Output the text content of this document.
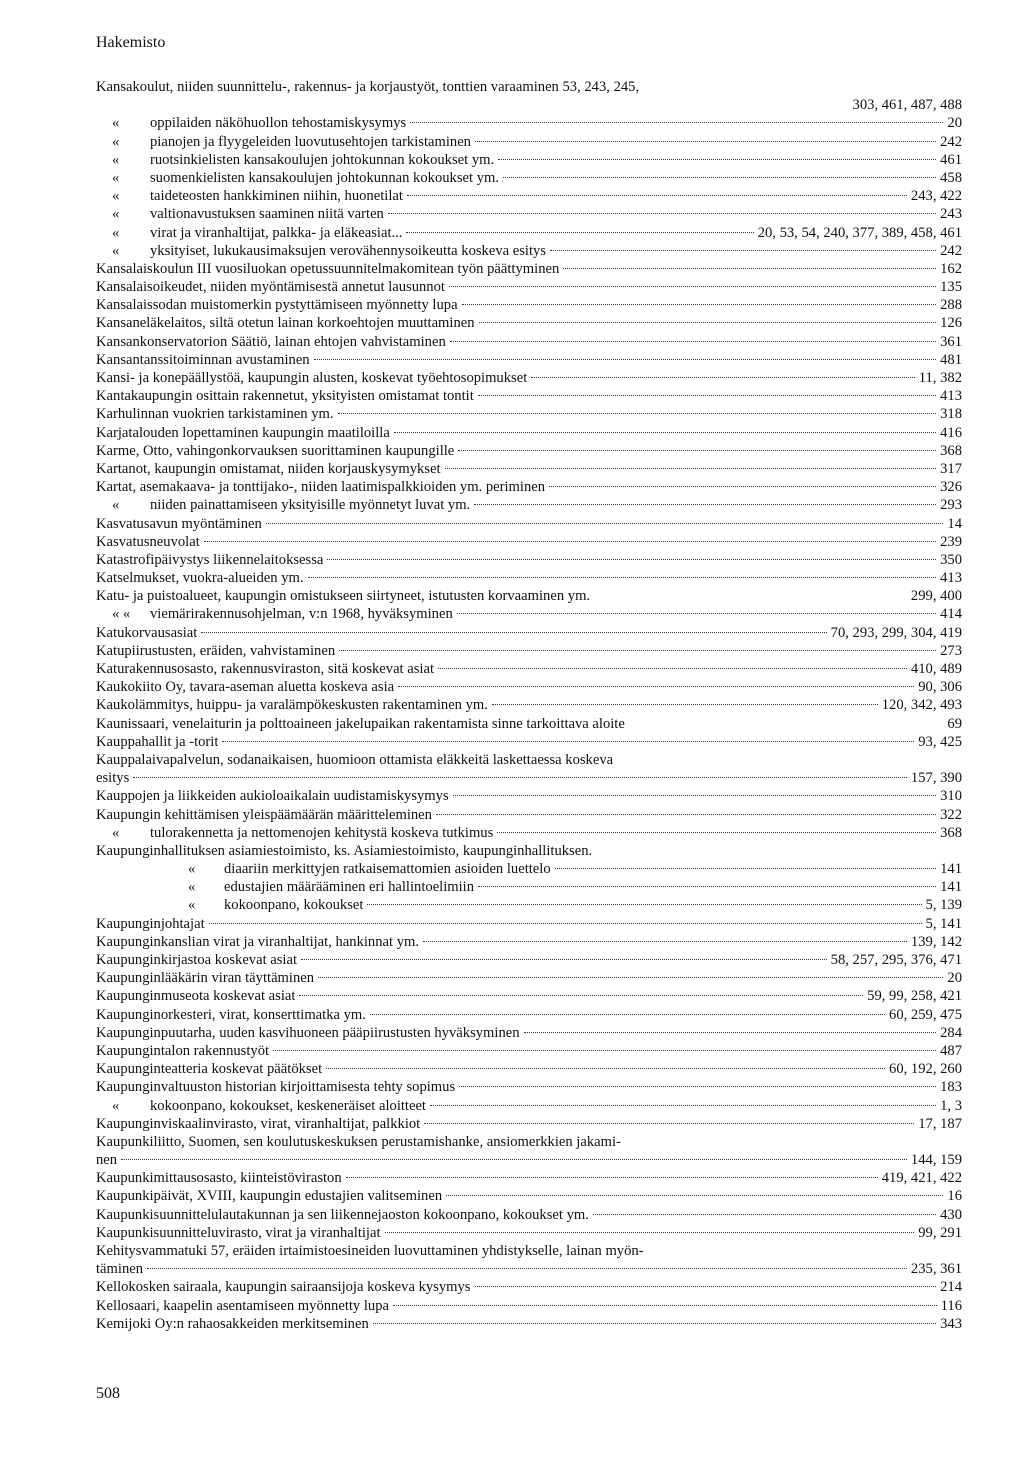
Hakemisto
Kansakoulut, niiden suunnittelu-, rakennus- ja korjaustyöt, tonttien varaaminen 53, 243, 245,
303, 461, 487, 488
«	oppilaiden näköhuollon tehostamiskysymys	20
«	pianojen ja flyygeleiden luovutusehtojen tarkistaminen	242
«	ruotsinkielisten kansakoulujen johtokunnan kokoukset ym.	461
«	suomenkielisten kansakoulujen johtokunnan kokoukset ym.	458
«	taideteosten hankkiminen niihin, huonetilat	243, 422
«	valtionavustuksen saaminen niitä varten	243
«	virat ja viranhaltijat, palkka- ja eläkeasiat...	20, 53, 54, 240, 377, 389, 458, 461
«	yksityiset, lukukausimaksujen verovähennysoikeutta koskeva esitys	242
Kansalaiskoulun III vuosiluokan opetussuunnitelmakomitean työn päättyminen	162
Kansalaisoikeudet, niiden myöntämisestä annetut lausunnot	135
Kansalaissodan muistomerkin pystyttämiseen myönnetty lupa	288
Kansaneläkelaitos, siltä otetun lainan korkoehtojen muuttaminen	126
Kansankonservatorion Säätiö, lainan ehtojen vahvistaminen	361
Kansantanssitoiminnan avustaminen	481
Kansi- ja konepäällystöä, kaupungin alusten, koskevat työehtosopimukset	11, 382
Kantakaupungin osittain rakennetut, yksityisten omistamat tontit	413
Karhulinnan vuokrien tarkistaminen ym.	318
Karjatalouden lopettaminen kaupungin maatiloilla	416
Karme, Otto, vahingonkorvauksen suorittaminen kaupungille	368
Kartanot, kaupungin omistamat, niiden korjauskysymykset	317
Kartat, asemakaava- ja tonttijako-, niiden laatimispalkkioiden ym. periminen	326
«	niiden painattamiseen yksityisille myönnetyt luvat ym.	293
Kasvatusavun myöntäminen	14
Kasvatusneuvolat	239
Katastrofipäivystys liikennelaitoksessa	350
Katselmukset, vuokra-alueiden ym.	413
Katu- ja puistoalueet, kaupungin omistukseen siirtyneet, istutusten korvaaminen ym.	299, 400
« «	viemärirakennusohjelman, v:n 1968, hyväksyminen	414
Katukorvausasiat	70, 293, 299, 304, 419
Katupiirustusten, eräiden, vahvistaminen	273
Katurakennusosasto, rakennusviraston, sitä koskevat asiat	410, 489
Kaukokiito Oy, tavara-aseman aluetta koskeva asia	90, 306
Kaukolämmitys, huippu- ja varalämpökeskusten rakentaminen ym.	120, 342, 493
Kaunissaari, venelaiturin ja polttoaineen jakelupaikan rakentamista sinne tarkoittava aloite	69
Kauppahallit ja -torit	93, 425
Kauppalaivapalvelun, sodanaikaisen, huomioon ottamista eläkkeitä laskettaessa koskeva
esitys	157, 390
Kauppojen ja liikkeiden aukioloaikalain uudistamiskysymys	310
Kaupungin kehittämisen yleispäämäärän määritteleminen	322
«	tulorakennetta ja nettomenojen kehitystä koskeva tutkimus	368
Kaupunginhallituksen asiamiestoimisto, ks. Asiamiestoimisto, kaupunginhallituksen.
«	diaariin merkittyjen ratkaisemattomien asioiden luettelo	141
«	edustajien määrääminen eri hallintoelimiin	141
«	kokoonpano, kokoukset	5, 139
Kaupunginjohtajat	5, 141
Kaupunginkanslian virat ja viranhaltijat, hankinnat ym.	139, 142
Kaupunginkirjastoa koskevat asiat	58, 257, 295, 376, 471
Kaupunginlääkärin viran täyttäminen	20
Kaupunginmuseota koskevat asiat	59, 99, 258, 421
Kaupunginorkesteri, virat, konserttimatka ym.	60, 259, 475
Kaupunginpuutarha, uuden kasvihuoneen pääpiirustusten hyväksyminen	284
Kaupungintalon rakennustyöt	487
Kaupunginteatteria koskevat päätökset	60, 192, 260
Kaupunginvaltuuston historian kirjoittamisesta tehty sopimus	183
«	kokoonpano, kokoukset, keskeneräiset aloitteet	1, 3
Kaupunginviskaalinvirasto, virat, viranhaltijat, palkkiot	17, 187
Kaupunkiliitto, Suomen, sen koulutuskeskuksen perustamishanke, ansiomerkkien jakami-
nen	144, 159
Kaupunkimittausosasto, kiinteistöviraston	419, 421, 422
Kaupunkipäivät, XVIII, kaupungin edustajien valitseminen	16
Kaupunkisuunnittelulautakunnan ja sen liikennejaoston kokoonpano, kokoukset ym.	430
Kaupunkisuunnitteluvirasto, virat ja viranhaltijat	99, 291
Kehitysvammatuki 57, eräiden irtaimistoesineiden luovuttaminen yhdistykselle, lainan myön-
täminen	235, 361
Kellokosken sairaala, kaupungin sairaansijoja koskeva kysymys	214
Kellosaari, kaapelin asentamiseen myönnetty lupa	116
Kemijoki Oy:n rahaosakkeiden merkitseminen	343
508
